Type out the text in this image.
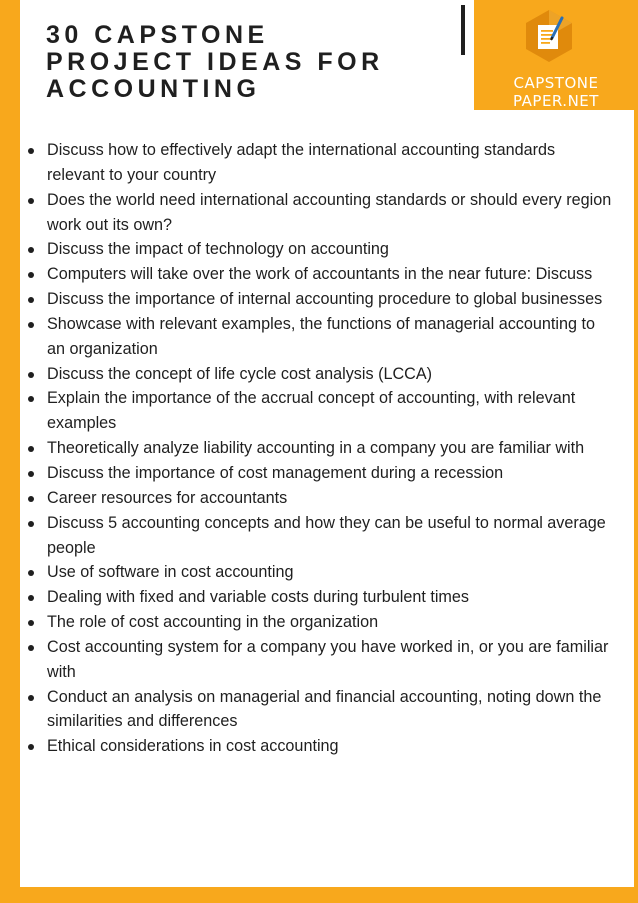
30 CAPSTONE
PROJECT IDEAS FOR
ACCOUNTING	CAPSTONE PAPER.NET
Discuss how to effectively adapt the international accounting standards relevant to your country
Does the world need international accounting standards or should every region work out its own?
Discuss the impact of technology on accounting
Computers will take over the work of accountants in the near future: Discuss
Discuss the importance of internal accounting procedure to global businesses
Showcase with relevant examples, the functions of managerial accounting to an organization
Discuss the concept of life cycle cost analysis (LCCA)
Explain the importance of the accrual concept of accounting, with relevant examples
Theoretically analyze liability accounting in a company you are familiar with
Discuss the importance of cost management during a recession
Career resources for accountants
Discuss 5 accounting concepts and how they can be useful to normal average people
Use of software in cost accounting
Dealing with fixed and variable costs during turbulent times
The role of cost accounting in the organization
Cost accounting system for a company you have worked in, or you are familiar with
Conduct an analysis on managerial and financial accounting, noting down the similarities and differences
Ethical considerations in cost accounting
